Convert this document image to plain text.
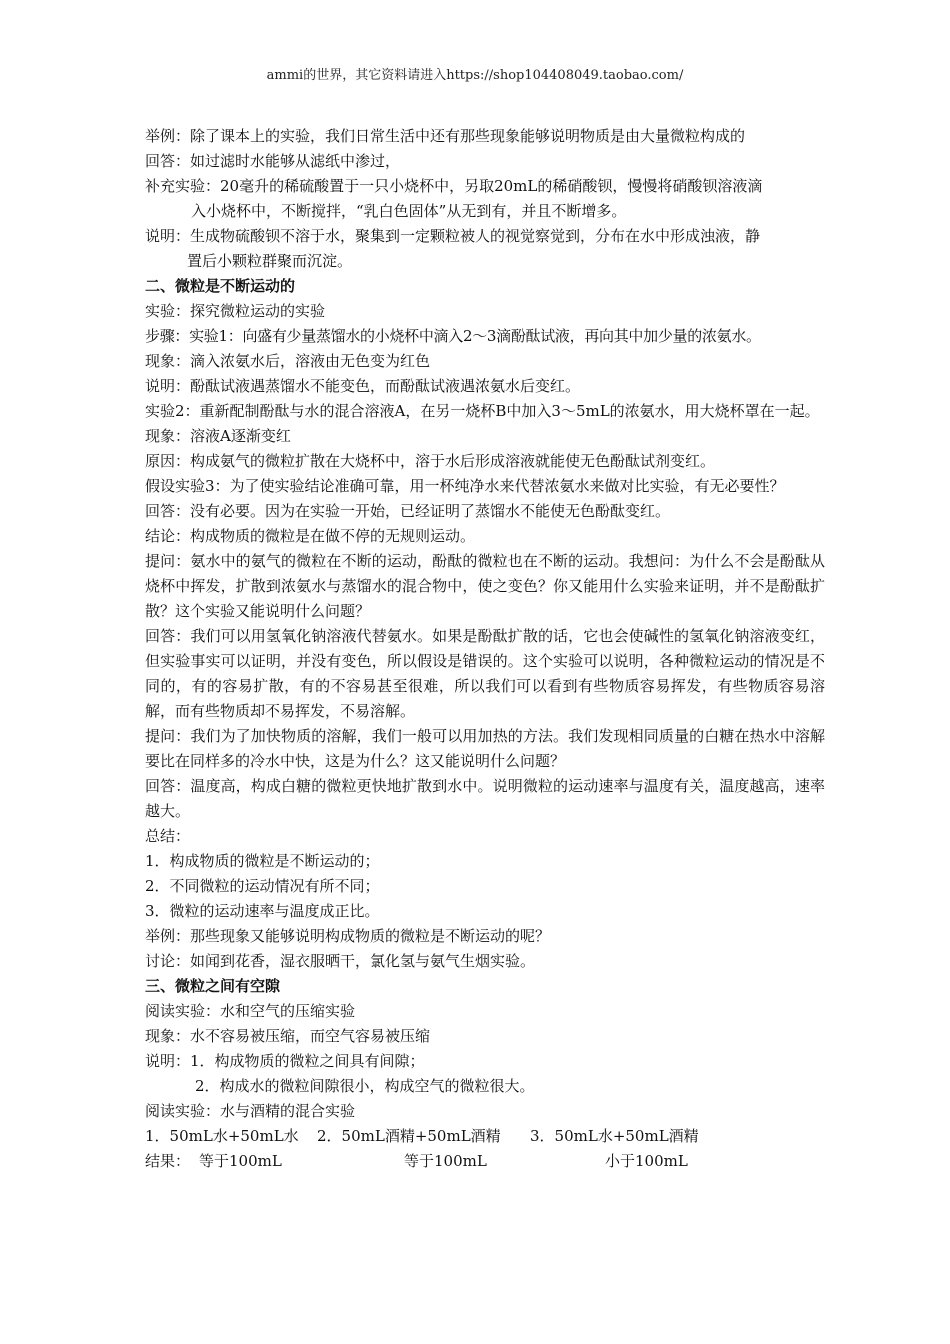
ammi的世界，其它资料请进入https://shop104408049.taobao.com/
举例：除了课本上的实验，我们日常生活中还有那些现象能够说明物质是由大量微粒构成的
回答：如过滤时水能够从滤纸中渗过，
补充实验：20毫升的稀硫酸置于一只小烧杯中，另取20mL的稀硝酸钡，慢慢将硝酸钡溶液滴
入小烧杯中，不断搅拌，“乳白色固体”从无到有，并且不断增多。
说明：生成物硫酸钡不溶于水，聚集到一定颗粒被人的视觉察觉到，分布在水中形成浊液，静
置后小颗粒群聚而沉淀。
二、微粒是不断运动的
实验：探究微粒运动的实验
步骤：实验1：向盛有少量蒸馏水的小烧杯中滴入2～3滴酚酞试液，再向其中加少量的浓氨水。
现象：滴入浓氨水后，溶液由无色变为红色
说明：酚酞试液遇蒸馏水不能变色，而酚酞试液遇浓氨水后变红。
实验2：重新配制酚酞与水的混合溶液A，在另一烧杯B中加入3～5mL的浓氨水，用大烧杯罩在一起。
现象：溶液A逐渐变红
原因：构成氨气的微粒扩散在大烧杯中，溶于水后形成溶液就能使无色酚酞试剂变红。
假设实验3：为了使实验结论准确可靠，用一杯纯净水来代替浓氨水来做对比实验，有无必要性？
回答：没有必要。因为在实验一开始，已经证明了蒸馏水不能使无色酚酞变红。
结论：构成物质的微粒是在做不停的无规则运动。
提问：氨水中的氨气的微粒在不断的运动，酚酞的微粒也在不断的运动。我想问：为什么不会是酚酞从烧杯中挥发，扩散到浓氨水与蒸馏水的混合物中，使之变色？你又能用什么实验来证明，并不是酚酞扩散？这个实验又能说明什么问题？
回答：我们可以用氢氧化钠溶液代替氨水。如果是酚酞扩散的话，它也会使碱性的氢氧化钠溶液变红，但实验事实可以证明，并没有变色，所以假设是错误的。这个实验可以说明，各种微粒运动的情况是不同的，有的容易扩散，有的不容易甚至很难，所以我们可以看到有些物质容易挥发，有些物质容易溶解，而有些物质却不易挥发，不易溶解。
提问：我们为了加快物质的溶解，我们一般可以用加热的方法。我们发现相同质量的白糖在热水中溶解要比在同样多的冷水中快，这是为什么？这又能说明什么问题？
回答：温度高，构成白糖的微粒更快地扩散到水中。说明微粒的运动速率与温度有关，温度越高，速率越大。
总结：
1．构成物质的微粒是不断运动的；
2．不同微粒的运动情况有所不同；
3．微粒的运动速率与温度成正比。
举例：那些现象又能够说明构成物质的微粒是不断运动的呢？
讨论：如闻到花香，湿衣服晒干，氯化氢与氨气生烟实验。
三、微粒之间有空隙
阅读实验：水和空气的压缩实验
现象：水不容易被压缩，而空气容易被压缩
说明：1．构成物质的微粒之间具有间隙；
2．构成水的微粒间隙很小，构成空气的微粒很大。
阅读实验：水与酒精的混合实验
1．50mL水+50mL水	2．50mL酒精+50mL酒精	3．50mL水+50mL酒精
结果： 等于100mL	等于100mL	小于100mL
